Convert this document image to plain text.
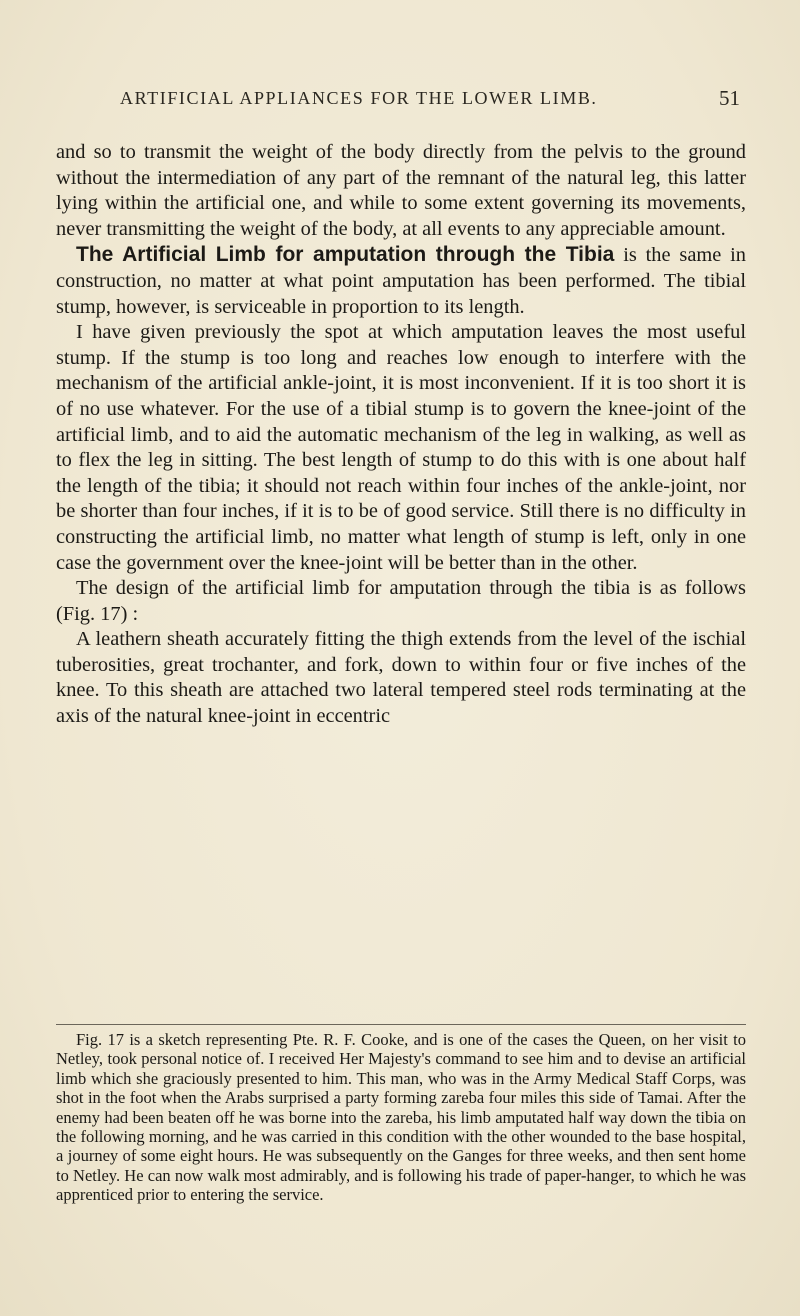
ARTIFICIAL APPLIANCES FOR THE LOWER LIMB.	51

and so to transmit the weight of the body directly from the pelvis to the ground without the intermediation of any part of the remnant of the natural leg, this latter lying within the artificial one, and while to some extent governing its movements, never transmitting the weight of the body, at all events to any appreciable amount.

The Artificial Limb for amputation through the Tibia is the same in construction, no matter at what point amputation has been performed. The tibial stump, however, is serviceable in proportion to its length.

I have given previously the spot at which amputation leaves the most useful stump. If the stump is too long and reaches low enough to interfere with the mechanism of the artificial ankle-joint, it is most inconvenient. If it is too short it is of no use whatever. For the use of a tibial stump is to govern the knee-joint of the artificial limb, and to aid the automatic mechanism of the leg in walking, as well as to flex the leg in sitting. The best length of stump to do this with is one about half the length of the tibia; it should not reach within four inches of the ankle-joint, nor be shorter than four inches, if it is to be of good service. Still there is no difficulty in constructing the artificial limb, no matter what length of stump is left, only in one case the government over the knee-joint will be better than in the other.

The design of the artificial limb for amputation through the tibia is as follows (Fig. 17) :

A leathern sheath accurately fitting the thigh extends from the level of the ischial tuberosities, great trochanter, and fork, down to within four or five inches of the knee. To this sheath are attached two lateral tempered steel rods terminating at the axis of the natural knee-joint in eccentric

Fig. 17 is a sketch representing Pte. R. F. Cooke, and is one of the cases the Queen, on her visit to Netley, took personal notice of. I received Her Majesty's command to see him and to devise an artificial limb which she graciously presented to him. This man, who was in the Army Medical Staff Corps, was shot in the foot when the Arabs surprised a party forming zareba four miles this side of Tamai. After the enemy had been beaten off he was borne into the zareba, his limb amputated half way down the tibia on the following morning, and he was carried in this condition with the other wounded to the base hospital, a journey of some eight hours. He was subsequently on the Ganges for three weeks, and then sent home to Netley. He can now walk most admirably, and is following his trade of paper-hanger, to which he was apprenticed prior to entering the service.
